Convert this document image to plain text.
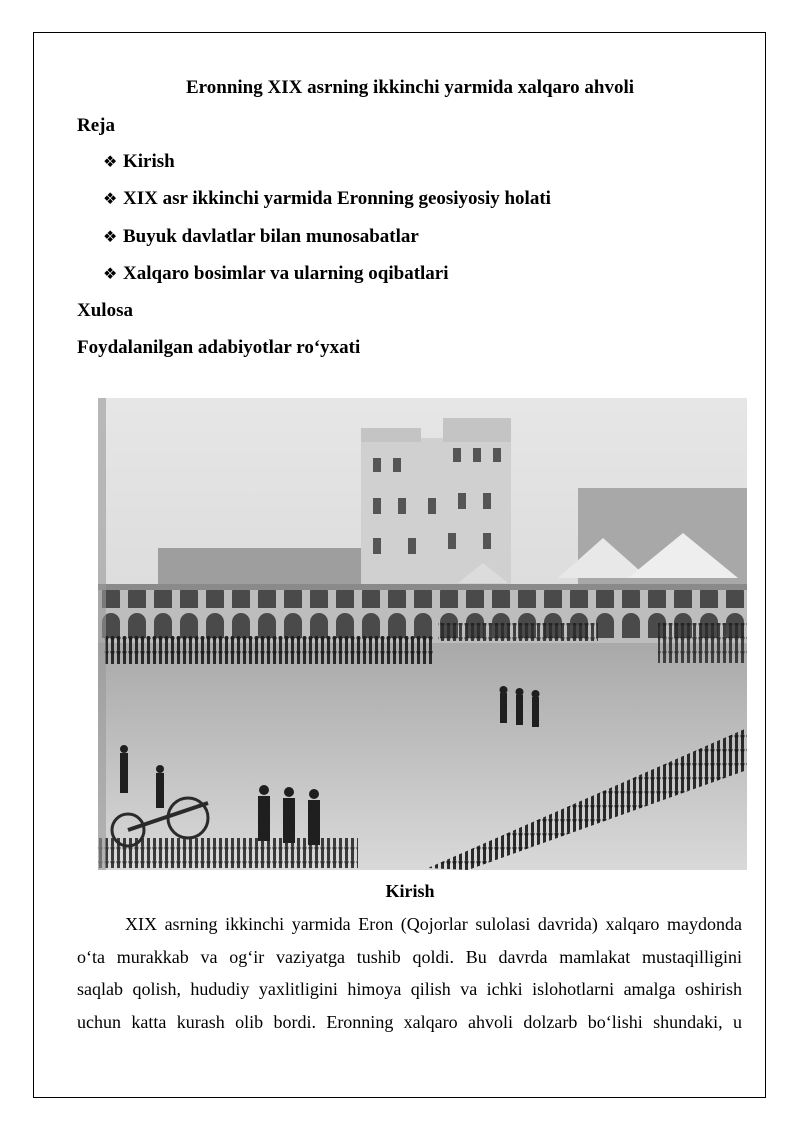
Eronning XIX asrning ikkinchi yarmida xalqaro ahvoli
Reja
❖ Kirish
❖ XIX asr ikkinchi yarmida Eronning geosiyosiy holati
❖ Buyuk davlatlar bilan munosabatlar
❖ Xalqaro bosimlar va ularning oqibatlari
Xulosa
Foydalanilgan adabiyotlar ro‘yxati
Kirish
XIX asrning ikkinchi yarmida Eron (Qojorlar sulolasi davrida) xalqaro maydonda
o‘ta murakkab va og‘ir vaziyatga tushib qoldi. Bu davrda mamlakat mustaqilligini
saqlab qolish, hududiy yaxlitligini himoya qilish va ichki islohotlarni amalga oshirish
uchun katta kurash olib bordi. Eronning xalqaro ahvoli dolzarb bo‘lishi shundaki, u
